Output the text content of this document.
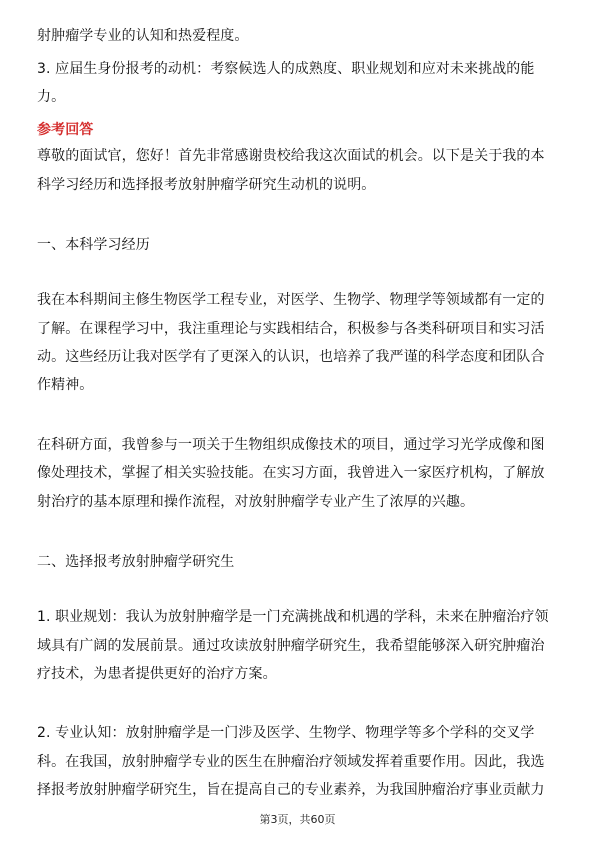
射肿瘤学专业的认知和热爱程度。
3. 应届生身份报考的动机：考察候选人的成熟度、职业规划和应对未来挑战的能
力。
参考回答
尊敬的面试官，您好！首先非常感谢贵校给我这次面试的机会。以下是关于我的本
科学习经历和选择报考放射肿瘤学研究生动机的说明。
一、本科学习经历
我在本科期间主修生物医学工程专业，对医学、生物学、物理学等领域都有一定的
了解。在课程学习中，我注重理论与实践相结合，积极参与各类科研项目和实习活
动。这些经历让我对医学有了更深入的认识，也培养了我严谨的科学态度和团队合
作精神。
在科研方面，我曾参与一项关于生物组织成像技术的项目，通过学习光学成像和图
像处理技术，掌握了相关实验技能。在实习方面，我曾进入一家医疗机构，了解放
射治疗的基本原理和操作流程，对放射肿瘤学专业产生了浓厚的兴趣。
二、选择报考放射肿瘤学研究生
1. 职业规划：我认为放射肿瘤学是一门充满挑战和机遇的学科，未来在肿瘤治疗领
域具有广阔的发展前景。通过攻读放射肿瘤学研究生，我希望能够深入研究肿瘤治
疗技术，为患者提供更好的治疗方案。
2. 专业认知：放射肿瘤学是一门涉及医学、生物学、物理学等多个学科的交叉学
科。在我国，放射肿瘤学专业的医生在肿瘤治疗领域发挥着重要作用。因此，我选
择报考放射肿瘤学研究生，旨在提高自己的专业素养，为我国肿瘤治疗事业贡献力
第3页，共60页
